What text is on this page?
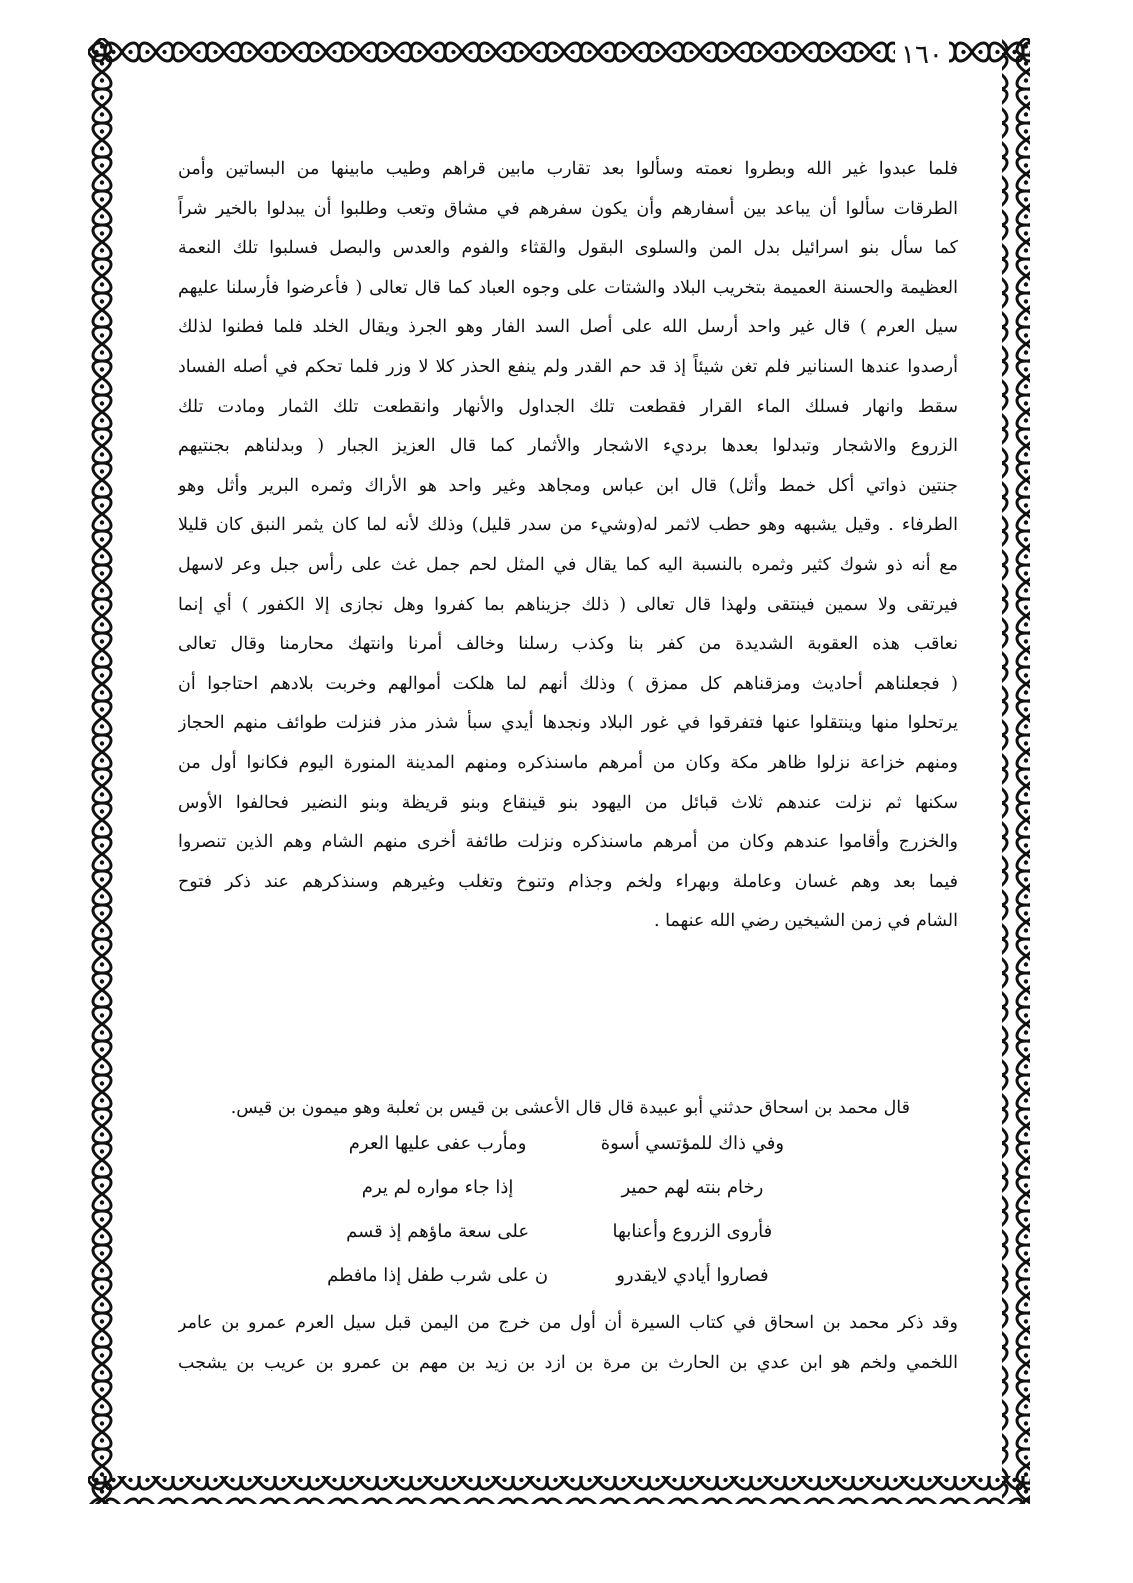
١٦٠
فلما عبدوا غير الله وبطروا نعمته وسألوا بعد تقارب مابين قراهم وطيب مابينها من البساتين وأمن
الطرقات سألوا أن يباعد بين أسفارهم وأن يكون سفرهم في مشاق وتعب وطلبوا أن يبدلوا بالخير شراً
كما سأل بنو اسرائيل بدل المن والسلوى البقول والقثاء والفوم والعدس والبصل فسلبوا تلك النعمة
العظيمة والحسنة العميمة بتخريب البلاد والشتات على وجوه العباد كما قال تعالى ( فأعرضوا فأرسلنا عليهم
سيل العرم ) قال غير واحد أرسل الله على أصل السد الفار وهو الجرذ ويقال الخلد فلما فطنوا لذلك
أرصدوا عندها السنانير فلم تغن شيئاً إذ قد حم القدر ولم ينفع الحذر كلا لا وزر فلما تحكم في أصله الفساد
سقط وانهار فسلك الماء القرار فقطعت تلك الجداول والأنهار وانقطعت تلك الثمار ومادت تلك
الزروع والاشجار وتبدلوا بعدها برديء الاشجار والأثمار كما قال العزيز الجبار ( وبدلناهم بجنتيهم
جنتين ذواتي أكل خمط وأثل) قال ابن عباس ومجاهد وغير واحد هو الأراك وثمره البرير وأثل وهو
الطرفاء . وقيل يشبهه وهو حطب لاثمر له(وشيء من سدر قليل) وذلك لأنه لما كان يثمر النبق كان قليلا
مع أنه ذو شوك كثير وثمره بالنسبة اليه كما يقال في المثل لحم جمل غث على رأس جبل وعر لاسهل
فيرتقى ولا سمين فينتقى ولهذا قال تعالى ( ذلك جزيناهم بما كفروا وهل نجازى إلا الكفور ) أي إنما
نعاقب هذه العقوبة الشديدة من كفر بنا وكذب رسلنا وخالف أمرنا وانتهك محارمنا وقال تعالى
( فجعلناهم أحاديث ومزقناهم كل ممزق ) وذلك أنهم لما هلكت أموالهم وخربت بلادهم احتاجوا أن
يرتحلوا منها وينتقلوا عنها فتفرقوا في غور البلاد ونجدها أيدي سبأ شذر مذر فنزلت طوائف منهم الحجاز
ومنهم خزاعة نزلوا ظاهر مكة وكان من أمرهم ماسنذكره ومنهم المدينة المنورة اليوم فكانوا أول من
سكنها ثم نزلت عندهم ثلاث قبائل من اليهود بنو قينقاع وبنو قريظة وبنو النضير فحالفوا الأوس
والخزرج وأقاموا عندهم وكان من أمرهم ماسنذكره ونزلت طائفة أخرى منهم الشام وهم الذين تنصروا
فيما بعد وهم غسان وعاملة وبهراء ولخم وجذام وتنوخ وتغلب وغيرهم وسنذكرهم عند ذكر فتوح
الشام في زمن الشيخين رضي الله عنهما .
قال محمد بن اسحاق حدثني أبو عبيدة قال قال الأعشى بن قيس بن ثعلبة وهو ميمون بن قيس.
وفي ذاك للمؤتسي أسوة
ومأرب عفى عليها العرم
رخام بنته لهم حمير
إذا جاء مواره لم يرم
فأروى الزروع وأعنابها
على سعة ماؤهم إذ قسم
فصاروا أيادي لايقدرو
ن على شرب طفل إذا مافطم
وقد ذكر محمد بن اسحاق في كتاب السيرة أن أول من خرج من اليمن قبل سيل العرم عمرو بن عامر
اللخمي ولخم هو ابن عدي بن الحارث بن مرة بن ازد بن زيد بن مهم بن عمرو بن عريب بن يشجب
